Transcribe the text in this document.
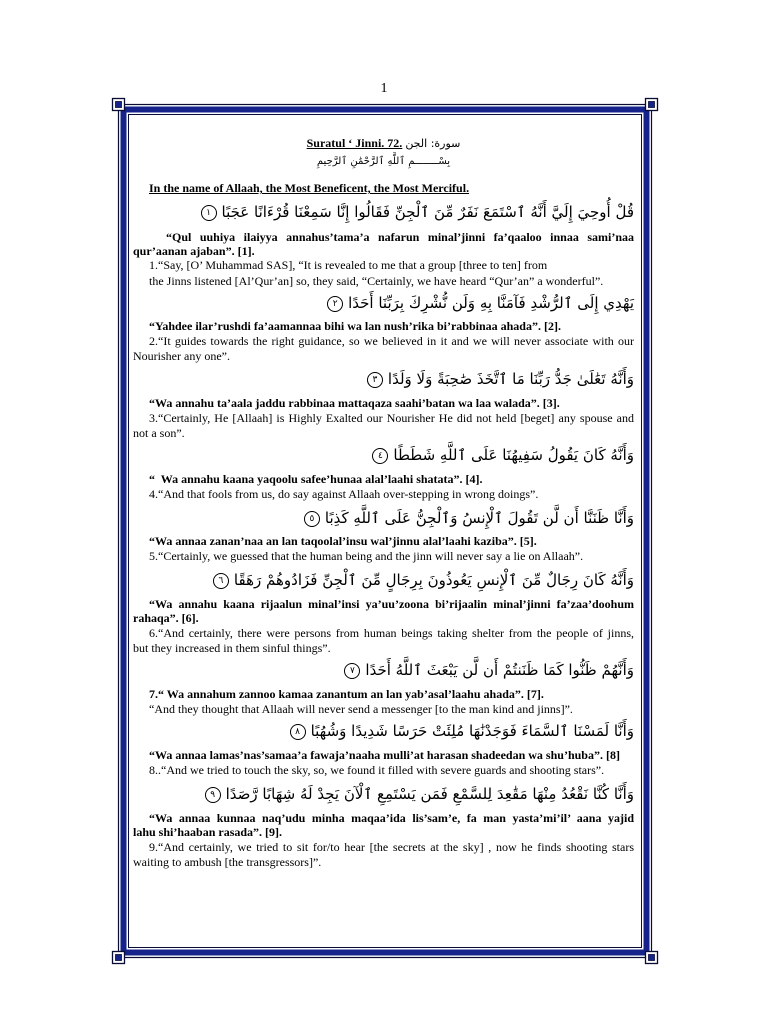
1
Suratul ‘ Jinni. 72. سورة: الجن
بِسْــــــــمِ ٱللَّهِ ٱلرَّحْمَٰنِ ٱلرَّحِيمِ
In the name of Allaah, the Most Beneficent, the Most Merciful.
قُلْ أُوحِيَ إِلَيَّ أَنَّهُ ٱسْتَمَعَ نَفَرٌ مِّنَ ٱلْجِنِّ فَقَالُوا إِنَّا سَمِعْنَا قُرْءَانًا عَجَبًا١
“Qul uuhiya ilaiyya annahus’tama’a nafarun minal’jinni fa’qaaloo innaa sami’naa
qur’aanan ajaban”. [1].
1.“Say, [O’ Muhammad SAS], “It is revealed to me that a group [three to ten] from
the Jinns listened [Al’Qur’an] so, they said, “Certainly, we have heard “Qur’an” a wonderful”.
يَهْدِي إِلَى ٱلرُّشْدِ فَآمَنَّا بِهِ وَلَن نُّشْرِكَ بِرَبِّنَا أَحَدًا٢
“Yahdee ilar’rushdi fa’aamannaa bihi wa lan nush’rika bi’rabbinaa ahada”. [2].
2.“It guides towards the right guidance, so we believed in it and we will never associate with our
Nourisher any one”.
وَأَنَّهُ تَعَٰلَىٰ جَدُّ رَبِّنَا مَا ٱتَّخَذَ صَٰحِبَةً وَلَا وَلَدًا٣
“Wa annahu ta’aala jaddu rabbinaa mattaqaza saahi’batan wa laa walada”. [3].
3.“Certainly, He [Allaah] is Highly Exalted our Nourisher He did not held [beget] any spouse and
not a son”.
وَأَنَّهُ كَانَ يَقُولُ سَفِيهُنَا عَلَى ٱللَّهِ شَطَطًا٤
“  Wa annahu kaana yaqoolu safee’hunaa alal’laahi shatata”. [4].
4.“And that fools from us, do say against Allaah over-stepping in wrong doings”.
وَأَنَّا ظَنَنَّا أَن لَّن تَقُولَ ٱلْإِنسُ وَٱلْجِنُّ عَلَى ٱللَّهِ كَذِبًا٥
“Wa annaa zanan’naa an lan taqoolal’insu wal’jinnu alal’laahi kaziba”. [5].
5.“Certainly, we guessed that the human being and the jinn will never say a lie on Allaah”.
وَأَنَّهُ كَانَ رِجَالٌ مِّنَ ٱلْإِنسِ يَعُوذُونَ بِرِجَالٍ مِّنَ ٱلْجِنِّ فَزَادُوهُمْ رَهَقًا٦
“Wa annahu kaana rijaalun minal’insi ya’uu’zoona bi’rijaalin minal’jinni fa’zaa’doohum
rahaqa”. [6].
6.“And certainly, there were persons from human beings taking shelter from the people of jinns,
but they increased in them sinful things”.
وَأَنَّهُمْ ظَنُّوا كَمَا ظَنَنتُمْ أَن لَّن يَبْعَثَ ٱللَّهُ أَحَدًا٧
7.“ Wa annahum zannoo kamaa zanantum an lan yab’asal’laahu ahada”. [7].
“And they thought that Allaah will never send a messenger [to the man kind and jinns]”.
وَأَنَّا لَمَسْنَا ٱلسَّمَاءَ فَوَجَدْنَٰهَا مُلِئَتْ حَرَسًا شَدِيدًا وَشُهُبًا٨
“Wa annaa lamas’nas’samaa’a fawaja’naaha mulli’at harasan shadeedan wa shu’huba”. [8]
8..“And we tried to touch the sky, so, we found it filled with severe guards and shooting stars”.
وَأَنَّا كُنَّا نَقْعُدُ مِنْهَا مَقَٰعِدَ لِلسَّمْعِ فَمَن يَسْتَمِعِ ٱلْآنَ يَجِدْ لَهُ شِهَابًا رَّصَدًا٩
“Wa annaa kunnaa naq’udu minha maqaa’ida lis’sam’e, fa man yasta’mi’il’ aana yajid
lahu shi’haaban rasada”. [9].
9.“And certainly, we tried to sit for/to hear [the secrets at the sky] , now he finds shooting stars
waiting to ambush [the transgressors]”.
